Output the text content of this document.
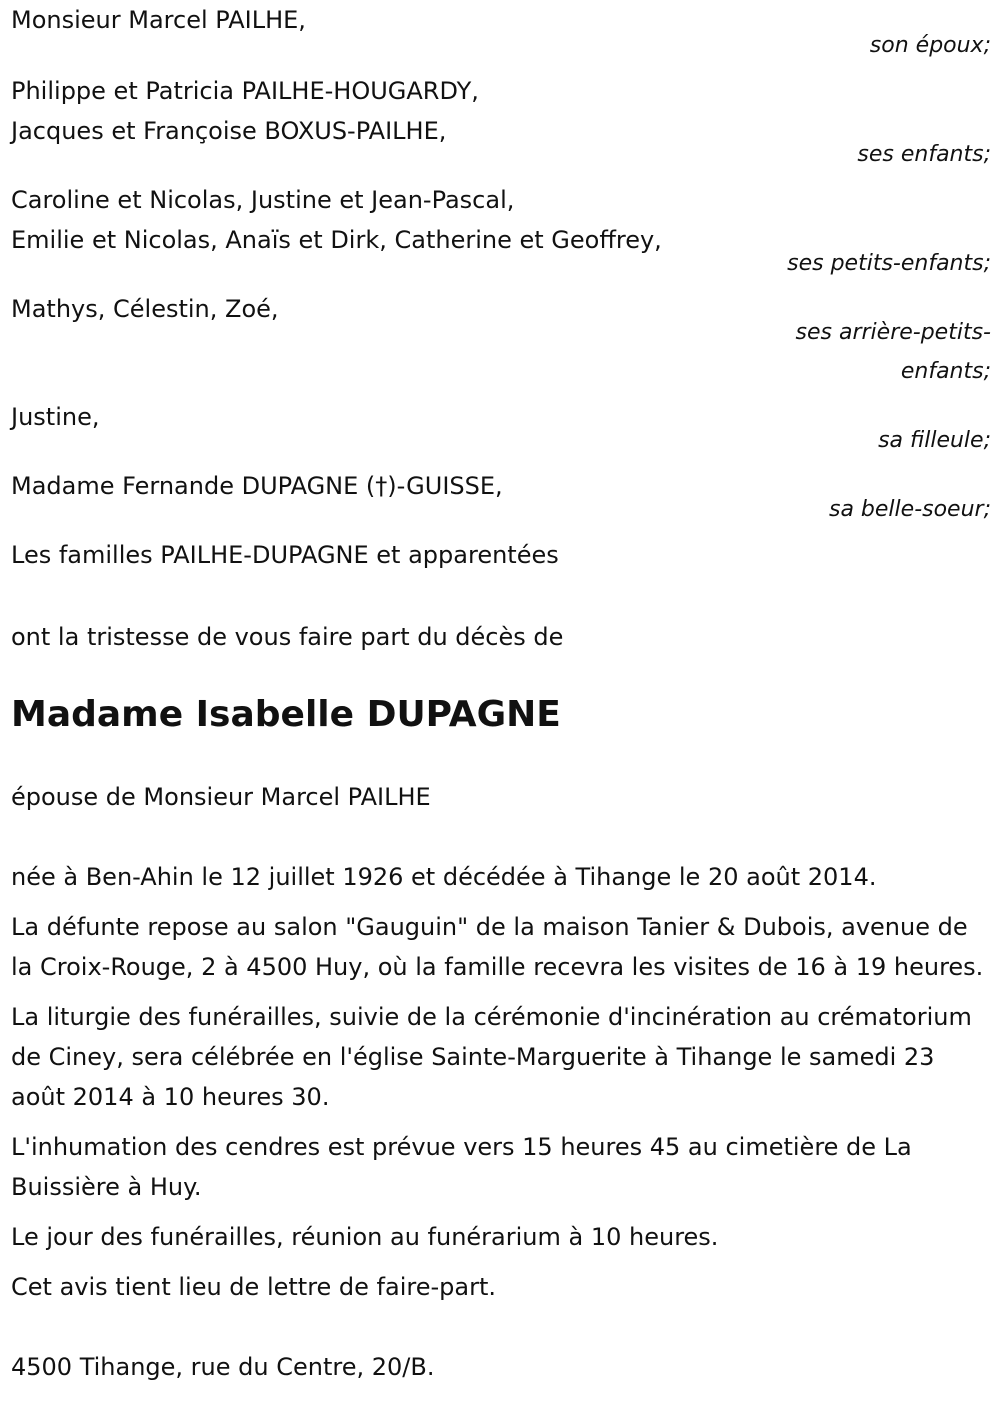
Monsieur Marcel PAILHE,
son époux;
Philippe et Patricia PAILHE-HOUGARDY,
Jacques et Françoise BOXUS-PAILHE,
ses enfants;
Caroline et Nicolas, Justine et Jean-Pascal,
Emilie et Nicolas, Anaïs et Dirk, Catherine et Geoffrey,
ses petits-enfants;
Mathys, Célestin, Zoé,
ses arrière-petits-enfants;
Justine,
sa filleule;
Madame Fernande DUPAGNE (†)-GUISSE,
sa belle-soeur;
Les familles PAILHE-DUPAGNE et apparentées
ont la tristesse de vous faire part du décès de
Madame Isabelle DUPAGNE
épouse de Monsieur Marcel PAILHE
née à Ben-Ahin le 12 juillet 1926 et décédée à Tihange le 20 août 2014.
La défunte repose au salon "Gauguin" de la maison Tanier & Dubois, avenue de la Croix-Rouge, 2 à 4500 Huy, où la famille recevra les visites de 16 à 19 heures.
La liturgie des funérailles, suivie de la cérémonie d'incinération au crématorium de Ciney, sera célébrée en l'église Sainte-Marguerite à Tihange le samedi 23 août 2014 à 10 heures 30.
L'inhumation des cendres est prévue vers 15 heures 45 au cimetière de La Buissière à Huy.
Le jour des funérailles, réunion au funérarium à 10 heures.
Cet avis tient lieu de lettre de faire-part.
4500 Tihange, rue du Centre, 20/B.
